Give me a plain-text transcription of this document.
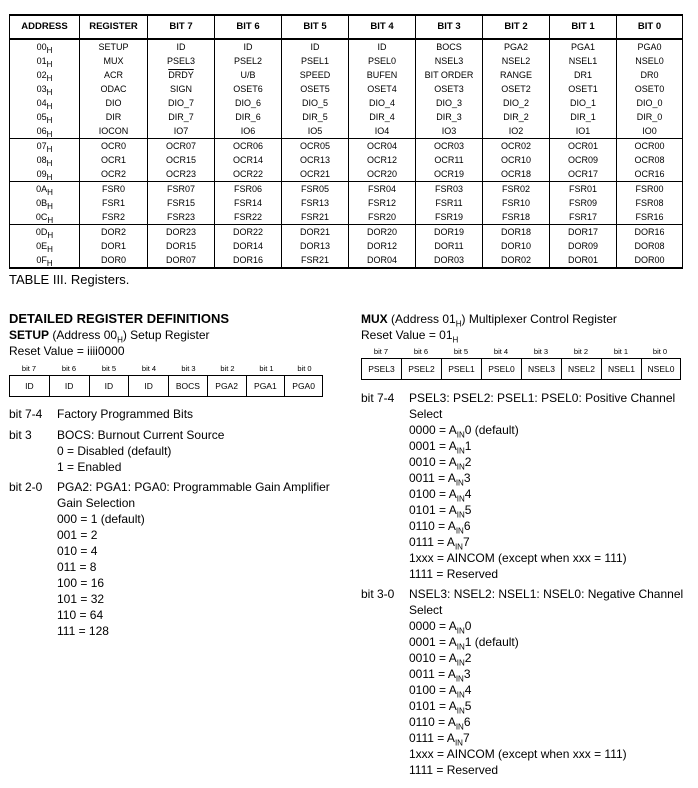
ADDRESS	REGISTER	BIT 7	BIT 6	BIT 5	BIT 4	BIT 3	BIT 2	BIT 1	BIT 0
00H	SETUP	ID	ID	ID	ID	BOCS	PGA2	PGA1	PGA0
01H	MUX	PSEL3	PSEL2	PSEL1	PSEL0	NSEL3	NSEL2	NSEL1	NSEL0
02H	ACR	DRDY	U/B	SPEED	BUFEN	BIT ORDER	RANGE	DR1	DR0
03H	ODAC	SIGN	OSET6	OSET5	OSET4	OSET3	OSET2	OSET1	OSET0
04H	DIO	DIO_7	DIO_6	DIO_5	DIO_4	DIO_3	DIO_2	DIO_1	DIO_0
05H	DIR	DIR_7	DIR_6	DIR_5	DIR_4	DIR_3	DIR_2	DIR_1	DIR_0
06H	IOCON	IO7	IO6	IO5	IO4	IO3	IO2	IO1	IO0
07H	OCR0	OCR07	OCR06	OCR05	OCR04	OCR03	OCR02	OCR01	OCR00
08H	OCR1	OCR15	OCR14	OCR13	OCR12	OCR11	OCR10	OCR09	OCR08
09H	OCR2	OCR23	OCR22	OCR21	OCR20	OCR19	OCR18	OCR17	OCR16
0AH	FSR0	FSR07	FSR06	FSR05	FSR04	FSR03	FSR02	FSR01	FSR00
0BH	FSR1	FSR15	FSR14	FSR13	FSR12	FSR11	FSR10	FSR09	FSR08
0CH	FSR2	FSR23	FSR22	FSR21	FSR20	FSR19	FSR18	FSR17	FSR16
0DH	DOR2	DOR23	DOR22	DOR21	DOR20	DOR19	DOR18	DOR17	DOR16
0EH	DOR1	DOR15	DOR14	DOR13	DOR12	DOR11	DOR10	DOR09	DOR08
0FH	DOR0	DOR07	DOR16	FSR21	DOR04	DOR03	DOR02	DOR01	DOR00
TABLE III. Registers.
DETAILED REGISTER DEFINITIONS
SETUP (Address $00_H$) Setup Register
Reset Value = iiii0000
bit 7	bit 6	bit 5	bit 4	bit 3	bit 2	bit 1	bit 0
ID	ID	ID	ID	BOCS	PGA2	PGA1	PGA0
bit 7-4 Factory Programmed Bits
bit 3 BOCS: Burnout Current Source
0 = Disabled (default)
1 = Enabled
bit 2-0 PGA2: PGA1: PGA0: Programmable Gain Amplifier
Gain Selection
000 = 1 (default)
001 = 2
010 = 4
011 = 8
100 = 16
101 = 32
110 = 64
111 = 128
MUX (Address $01_H$) Multiplexer Control Register
Reset Value = $01_H$
bit 7	bit 6	bit 5	bit 4	bit 3	bit 2	bit 1	bit 0
PSEL3	PSEL2	PSEL1	PSEL0	NSEL3	NSEL2	NSEL1	NSEL0
bit 7-4 PSEL3: PSEL2: PSEL1: PSEL0: Positive Channel
Select
$0000 = A_{IN}0$ (default)
$0001 = A_{IN}1$
$0010 = A_{IN}2$
$0011 = A_{IN}3$
$0100 = A_{IN}4$
$0101 = A_{IN}5$
$0110 = A_{IN}6$
$0111 = A_{IN}7$
1xxx = AINCOM (except when xxx = 111)
1111 = Reserved
bit 3-0 NSEL3: NSEL2: NSEL1: NSEL0: Negative Channel
Select
$0000 = A_{IN}0$
$0001 = A_{IN}1$ (default)
$0010 = A_{IN}2$
$0011 = A_{IN}3$
$0100 = A_{IN}4$
$0101 = A_{IN}5$
$0110 = A_{IN}6$
$0111 = A_{IN}7$
1xxx = AINCOM (except when xxx = 111)
1111 = Reserved
